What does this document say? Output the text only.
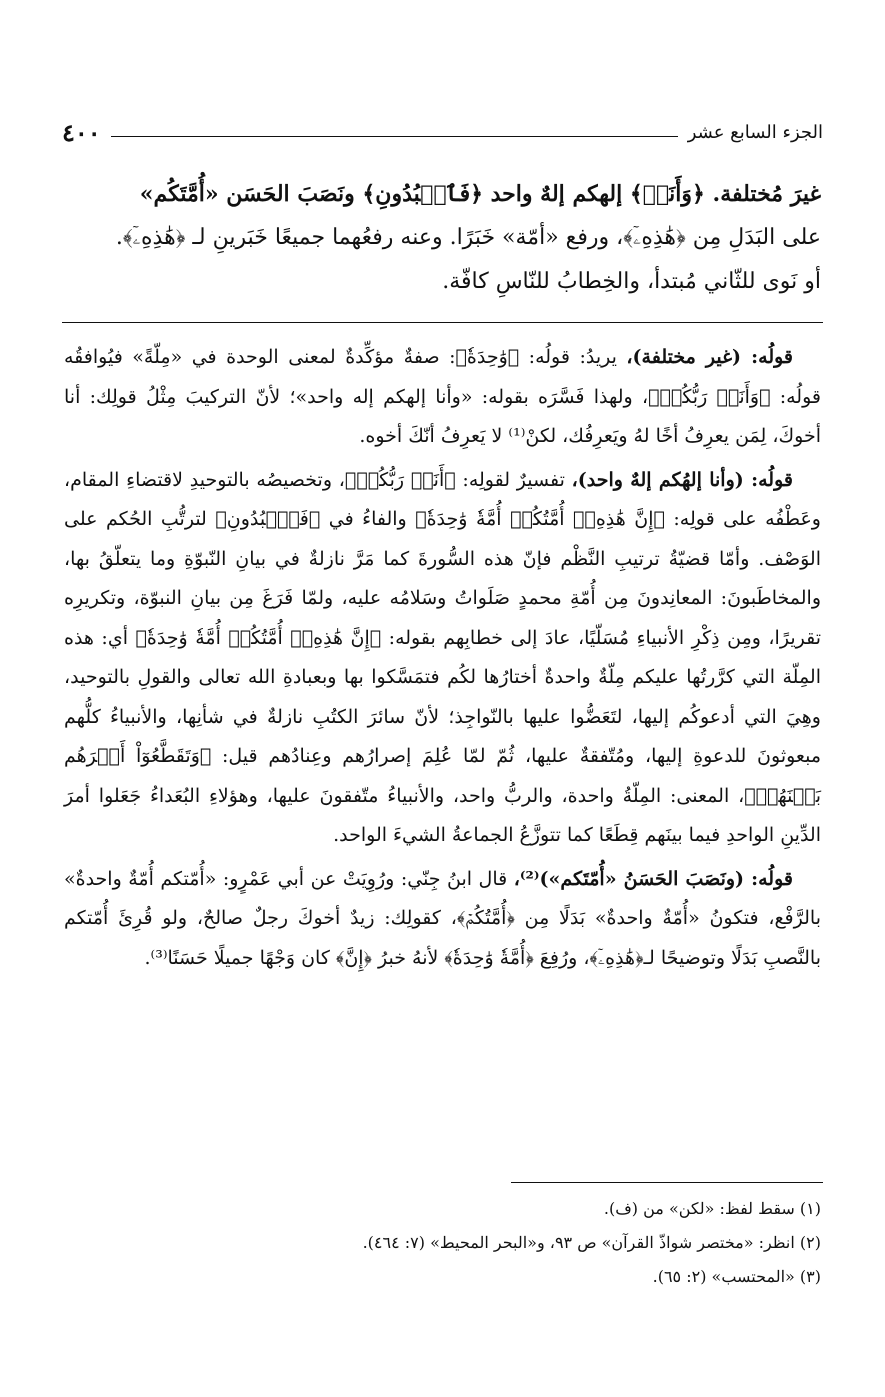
٤٠٠	الجزء السابع عشر
غيرَ مُختلفة. ﴿وَأَنَا۠﴾ إلهكم إلهٌ واحد ﴿فَٱعۡبُدُونِ﴾ ونَصَبَ الحَسَن «أُمَّتَكُم»
على البَدَلِ مِن ﴿هَٰذِهِۦٓ﴾، ورفع «أمّة» خَبَرًا. وعنه رفعُهما جميعًا خَبَرينِ لـ ﴿هَٰذِهِۦٓ﴾.
أو نَوى للثّاني مُبتدأ، والخِطابُ للنّاسِ كافّة.

قولُه: (غير مختلفة)، يريدُ: قولُه: ﴿وَٰحِدَةٗ﴾: صفةٌ مؤكِّدةٌ لمعنى الوحدة في «مِلّةً» فيُوافقُه قولُه: ﴿وَأَنَا۠ رَبُّكُمۡ﴾، ولهذا فَسَّرَه بقوله: «وأنا إلهكم إله واحد»؛ لأنّ التركيبَ مِثْلُ قولِك: أنا أخوكَ، لِمَن يعرِفُ أخًا لهُ ويَعرِفُك، لكنْ⁽¹⁾ لا يَعرِفُ أنّكَ أخوه.

قولُه: (وأنا إلهُكم إلهٌ واحد)، تفسيرٌ لقولِه: ﴿أَنَا۠ رَبُّكُمۡ﴾، وتخصيصُه بالتوحيدِ لاقتضاءِ المقام، وعَطْفُه على قولِه: ﴿إِنَّ هَٰذِهِۦٓ أُمَّتُكُمۡ أُمَّةٗ وَٰحِدَةٗ﴾ والفاءُ في ﴿فَٱعۡبُدُونِ﴾ لترتُّبِ الحُكم على الوَصْف. وأمّا قضيّةُ ترتيبِ النَّظْم فإنّ هذه السُّورةَ كما مَرَّ نازلةٌ في بيانِ النّبوّةِ وما يتعلّقُ بها، والمخاطَبونَ: المعانِدونَ مِن أُمّةِ محمدٍ صَلَواتُ وسَلامُه عليه، ولمّا فَرَغَ مِن بيانِ النبوّة، وتكريرِه تقريرًا، ومِن ذِكْرِ الأنبياءِ مُسَلّيًا، عادَ إلى خطابِهم بقوله: ﴿إِنَّ هَٰذِهِۦٓ أُمَّتُكُمۡ أُمَّةٗ وَٰحِدَةٗ﴾ أي: هذه المِلّة التي كرَّرتُها عليكم مِلّةٌ واحدةٌ أختارُها لكُم فتمَسَّكوا بها وبعبادةِ الله تعالى والقولِ بالتوحيد، وهِيَ التي أدعوكُم إليها، لتَعَضُّوا عليها بالنّواجِذ؛ لأنّ سائرَ الكتُبِ نازلةٌ في شأنِها، والأنبياءُ كلُّهم مبعوثونَ للدعوةِ إليها، ومُتّفقةٌ عليها، ثُمّ لمّا عُلِمَ إصرارُهم وعِنادُهم قيل: ﴿وَتَقَطَّعُوٓاْ أَمۡرَهُم بَيۡنَهُمۡ﴾، المعنى: المِلّةُ واحدة، والربُّ واحد، والأنبياءُ متّفقونَ عليها، وهؤلاءِ البُعَداءُ جَعَلوا أمرَ الدِّينِ الواحدِ فيما بينَهم قِطَعًا كما تتوزَّعُ الجماعةُ الشيءَ الواحد.

قولُه: (ونَصَبَ الحَسَنُ «أُمّتَكم»)⁽²⁾، قال ابنُ جِنّي: ورُوِيَتْ عن أبي عَمْرٍو: «أُمّتكم أُمّةٌ واحدةٌ» بالرَّفْع، فتكونُ «أُمّةٌ واحدةٌ» بَدَلًا مِن ﴿أُمَّتُكُمۡ﴾، كقولِك: زيدٌ أخوكَ رجلٌ صالحٌ، ولو قُرِئَ أُمّتكم بالنَّصبِ بَدَلًا وتوضيحًا لـ﴿هَٰذِهِۦٓ﴾، ورُفِعَ ﴿أُمَّةٗ وَٰحِدَةٗ﴾ لأنهُ خبرُ ﴿إِنَّ﴾ كان وَجْهًا جميلًا حَسَنًا⁽³⁾.

(١) سقط لفظ: «لكن» من (ف).
(٢) انظر: «مختصر شواذّ القرآن» ص ٩٣، و«البحر المحيط» (٧: ٤٦٤).
(٣) «المحتسب» (٢: ٦٥).
